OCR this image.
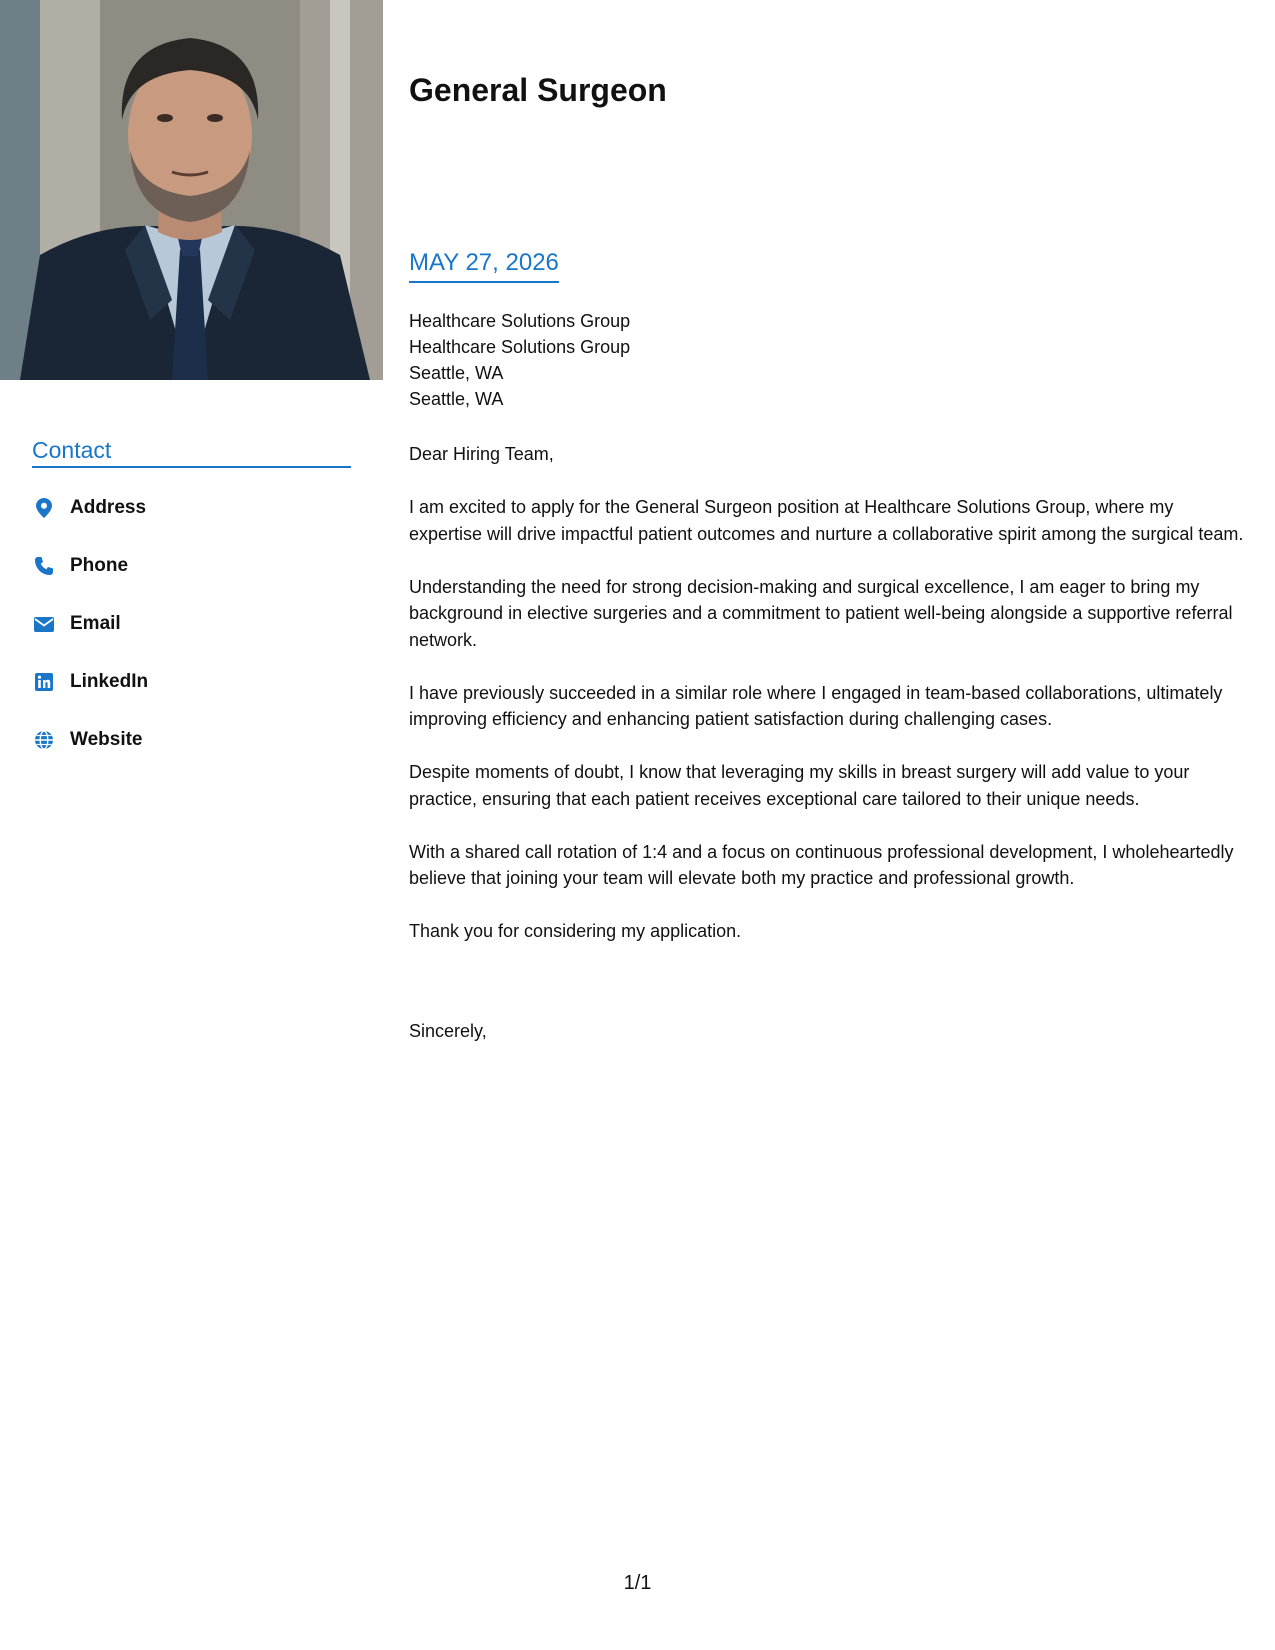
Contact
Address
Phone
Email
LinkedIn
Website
General Surgeon
MAY 27, 2026
Healthcare Solutions Group
Healthcare Solutions Group
Seattle, WA
Seattle, WA

Dear Hiring Team,

I am excited to apply for the General Surgeon position at Healthcare Solutions Group, where my expertise will drive impactful patient outcomes and nurture a collaborative spirit among the surgical team.

Understanding the need for strong decision-making and surgical excellence, I am eager to bring my background in elective surgeries and a commitment to patient well-being alongside a supportive referral network.

I have previously succeeded in a similar role where I engaged in team-based collaborations, ultimately improving efficiency and enhancing patient satisfaction during challenging cases.

Despite moments of doubt, I know that leveraging my skills in breast surgery will add value to your practice, ensuring that each patient receives exceptional care tailored to their unique needs.

With a shared call rotation of 1:4 and a focus on continuous professional development, I wholeheartedly believe that joining your team will elevate both my practice and professional growth.

Thank you for considering my application.

Sincerely,
1/1
